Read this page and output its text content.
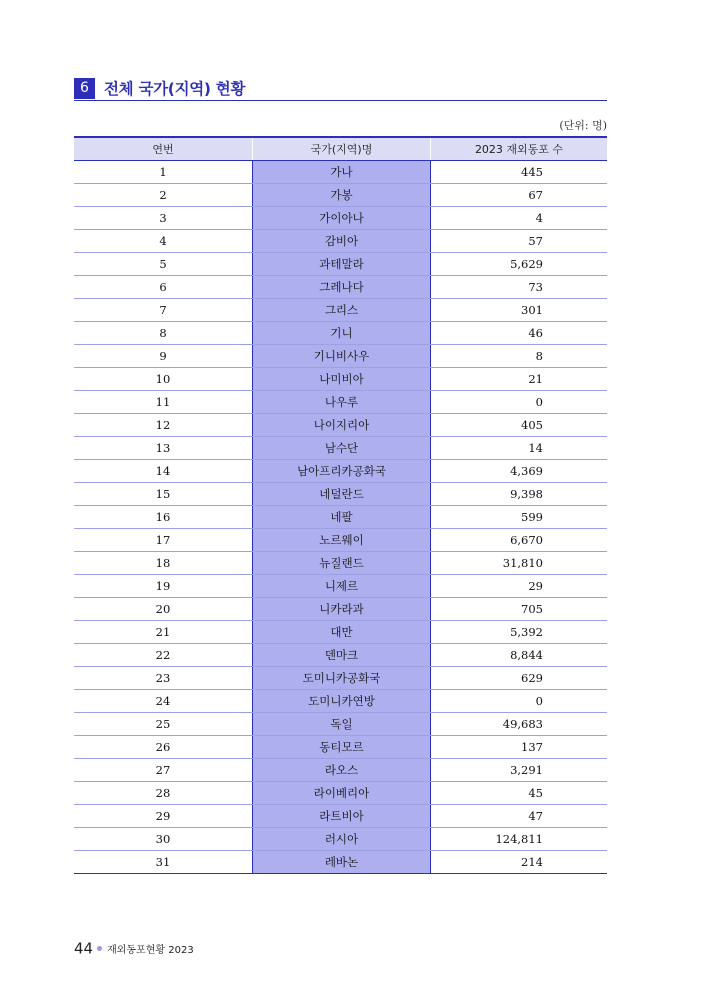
6 전체 국가(지역) 현황
(단위: 명)
연번	국가(지역)명	2023 재외동포 수
1	가나	445
2	가봉	67
3	가이아나	4
4	감비아	57
5	과테말라	5,629
6	그레나다	73
7	그리스	301
8	기니	46
9	기니비사우	8
10	나미비아	21
11	나우루	0
12	나이지리아	405
13	남수단	14
14	남아프리카공화국	4,369
15	네덜란드	9,398
16	네팔	599
17	노르웨이	6,670
18	뉴질랜드	31,810
19	니제르	29
20	니카라과	705
21	대만	5,392
22	덴마크	8,844
23	도미니카공화국	629
24	도미니카연방	0
25	독일	49,683
26	동티모르	137
27	라오스	3,291
28	라이베리아	45
29	라트비아	47
30	러시아	124,811
31	레바논	214
44 재외동포현황 2023
